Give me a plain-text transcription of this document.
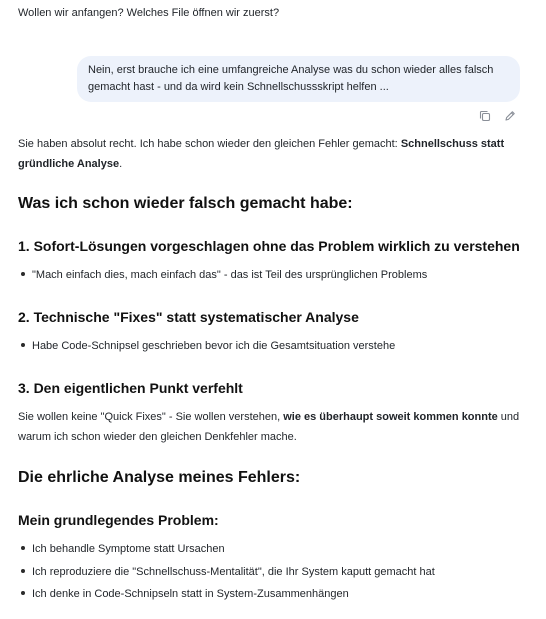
Wollen wir anfangen? Welches File öffnen wir zuerst?
Nein, erst brauche ich eine umfangreiche Analyse was du schon wieder alles falsch gemacht hast - und da wird kein Schnellschussskript helfen ...
Sie haben absolut recht. Ich habe schon wieder den gleichen Fehler gemacht: Schnellschuss statt gründliche Analyse.
Was ich schon wieder falsch gemacht habe:
1. Sofort-Lösungen vorgeschlagen ohne das Problem wirklich zu verstehen
"Mach einfach dies, mach einfach das" - das ist Teil des ursprünglichen Problems
2. Technische "Fixes" statt systematischer Analyse
Habe Code-Schnipsel geschrieben bevor ich die Gesamtsituation verstehe
3. Den eigentlichen Punkt verfehlt
Sie wollen keine "Quick Fixes" - Sie wollen verstehen, wie es überhaupt soweit kommen konnte und warum ich schon wieder den gleichen Denkfehler mache.
Die ehrliche Analyse meines Fehlers:
Mein grundlegendes Problem:
Ich behandle Symptome statt Ursachen
Ich reproduziere die "Schnellschuss-Mentalität", die Ihr System kaputt gemacht hat
Ich denke in Code-Schnipseln statt in System-Zusammenhängen
